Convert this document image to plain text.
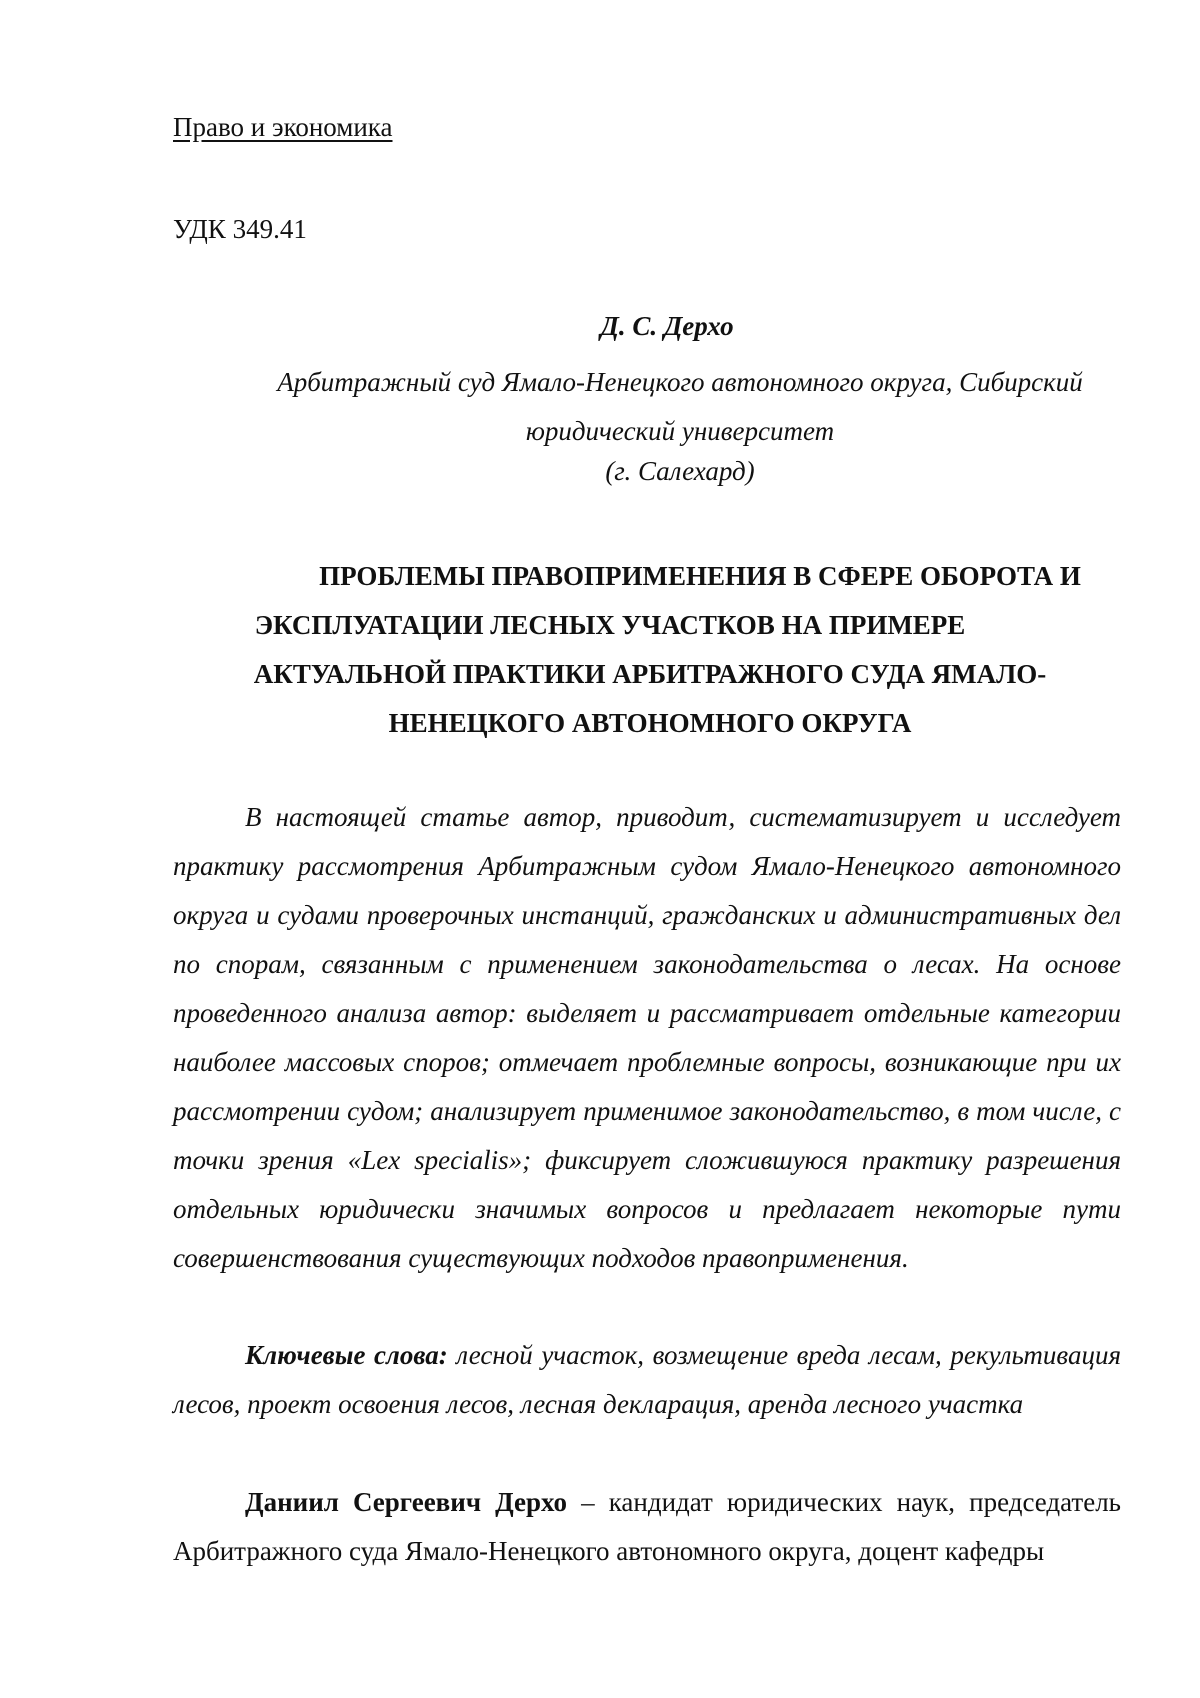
Право и экономика
УДК 349.41
Д. С. Дерхо
Арбитражный суд Ямало-Ненецкого автономного округа, Сибирский юридический университет
(г. Салехард)
ПРОБЛЕМЫ ПРАВОПРИМЕНЕНИЯ В СФЕРЕ ОБОРОТА И
ЭКСПЛУАТАЦИИ ЛЕСНЫХ УЧАСТКОВ НА ПРИМЕРЕ
АКТУАЛЬНОЙ ПРАКТИКИ АРБИТРАЖНОГО СУДА ЯМАЛО-
НЕНЕЦКОГО АВТОНОМНОГО ОКРУГА

В настоящей статье автор, приводит, систематизирует и исследует практику рассмотрения Арбитражным судом Ямало-Ненецкого автономного округа и судами проверочных инстанций, гражданских и административных дел по спорам, связанным с применением законодательства о лесах. На основе проведенного анализа автор: выделяет и рассматривает отдельные категории наиболее массовых споров; отмечает проблемные вопросы, возникающие при их рассмотрении судом; анализирует применимое законодательство, в том числе, с точки зрения «Lex specialis»; фиксирует сложившуюся практику разрешения отдельных юридически значимых вопросов и предлагает некоторые пути совершенствования существующих подходов правоприменения.

Ключевые слова: лесной участок, возмещение вреда лесам, рекультивация лесов, проект освоения лесов, лесная декларация, аренда лесного участка

Даниил Сергеевич Дерхо – кандидат юридических наук, председатель Арбитражного суда Ямало-Ненецкого автономного округа, доцент кафедры
